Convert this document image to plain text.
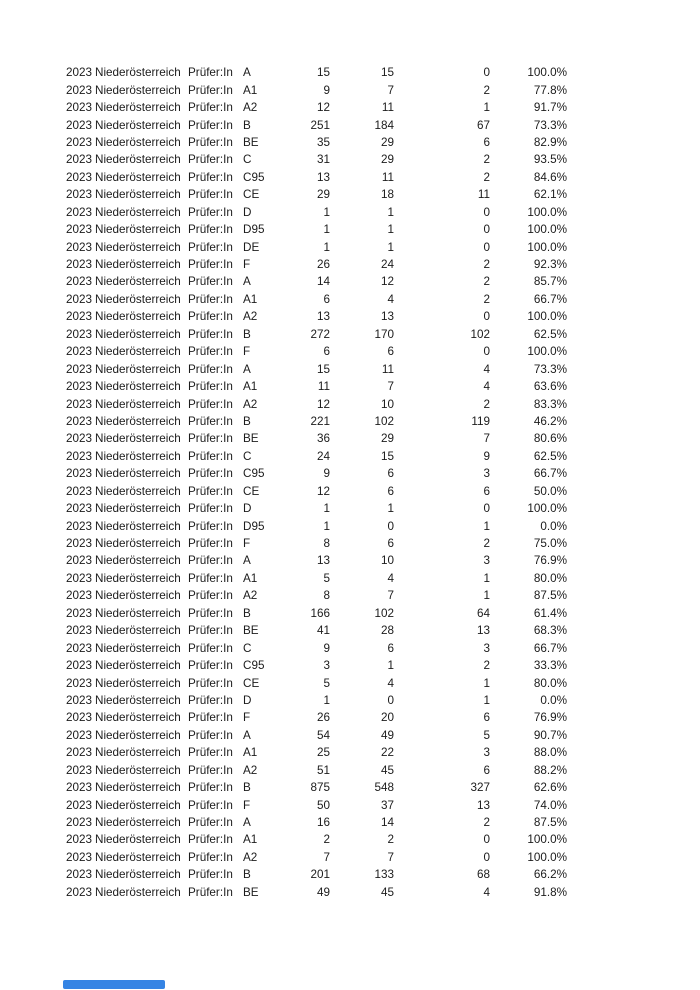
2023 Niederösterreich Prüfer:In A	15	15	0	100.0%
2023 Niederösterreich Prüfer:In A1	9	7	2	77.8%
2023 Niederösterreich Prüfer:In A2	12	11	1	91.7%
2023 Niederösterreich Prüfer:In B	251	184	67	73.3%
2023 Niederösterreich Prüfer:In BE	35	29	6	82.9%
2023 Niederösterreich Prüfer:In C	31	29	2	93.5%
2023 Niederösterreich Prüfer:In C95	13	11	2	84.6%
2023 Niederösterreich Prüfer:In CE	29	18	11	62.1%
2023 Niederösterreich Prüfer:In D	1	1	0	100.0%
2023 Niederösterreich Prüfer:In D95	1	1	0	100.0%
2023 Niederösterreich Prüfer:In DE	1	1	0	100.0%
2023 Niederösterreich Prüfer:In F	26	24	2	92.3%
2023 Niederösterreich Prüfer:In A	14	12	2	85.7%
2023 Niederösterreich Prüfer:In A1	6	4	2	66.7%
2023 Niederösterreich Prüfer:In A2	13	13	0	100.0%
2023 Niederösterreich Prüfer:In B	272	170	102	62.5%
2023 Niederösterreich Prüfer:In F	6	6	0	100.0%
2023 Niederösterreich Prüfer:In A	15	11	4	73.3%
2023 Niederösterreich Prüfer:In A1	11	7	4	63.6%
2023 Niederösterreich Prüfer:In A2	12	10	2	83.3%
2023 Niederösterreich Prüfer:In B	221	102	119	46.2%
2023 Niederösterreich Prüfer:In BE	36	29	7	80.6%
2023 Niederösterreich Prüfer:In C	24	15	9	62.5%
2023 Niederösterreich Prüfer:In C95	9	6	3	66.7%
2023 Niederösterreich Prüfer:In CE	12	6	6	50.0%
2023 Niederösterreich Prüfer:In D	1	1	0	100.0%
2023 Niederösterreich Prüfer:In D95	1	0	1	0.0%
2023 Niederösterreich Prüfer:In F	8	6	2	75.0%
2023 Niederösterreich Prüfer:In A	13	10	3	76.9%
2023 Niederösterreich Prüfer:In A1	5	4	1	80.0%
2023 Niederösterreich Prüfer:In A2	8	7	1	87.5%
2023 Niederösterreich Prüfer:In B	166	102	64	61.4%
2023 Niederösterreich Prüfer:In BE	41	28	13	68.3%
2023 Niederösterreich Prüfer:In C	9	6	3	66.7%
2023 Niederösterreich Prüfer:In C95	3	1	2	33.3%
2023 Niederösterreich Prüfer:In CE	5	4	1	80.0%
2023 Niederösterreich Prüfer:In D	1	0	1	0.0%
2023 Niederösterreich Prüfer:In F	26	20	6	76.9%
2023 Niederösterreich Prüfer:In A	54	49	5	90.7%
2023 Niederösterreich Prüfer:In A1	25	22	3	88.0%
2023 Niederösterreich Prüfer:In A2	51	45	6	88.2%
2023 Niederösterreich Prüfer:In B	875	548	327	62.6%
2023 Niederösterreich Prüfer:In F	50	37	13	74.0%
2023 Niederösterreich Prüfer:In A	16	14	2	87.5%
2023 Niederösterreich Prüfer:In A1	2	2	0	100.0%
2023 Niederösterreich Prüfer:In A2	7	7	0	100.0%
2023 Niederösterreich Prüfer:In B	201	133	68	66.2%
2023 Niederösterreich Prüfer:In BE	49	45	4	91.8%
